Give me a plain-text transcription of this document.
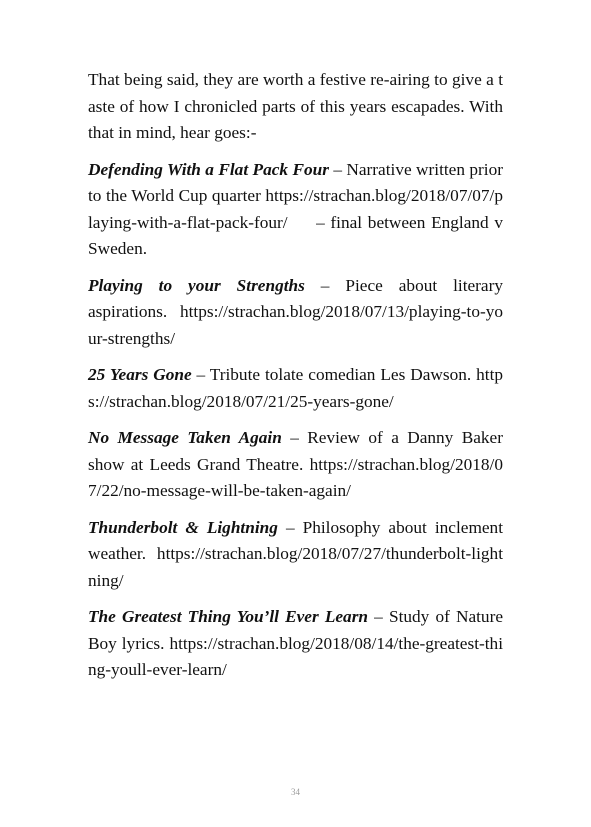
That being said, they are worth a festive re-airing to give a taste of how I chronicled parts of this years escapades. With that in mind, hear goes:-

Defending With a Flat Pack Four – Narrative written prior to the World Cup quarter https://strachan.blog/2018/07/07/playing-with-a-flat-pack-four/     – final between England v Sweden.

Playing to your Strengths – Piece about literary aspirations. https://strachan.blog/2018/07/13/playing-to-your-strengths/

25 Years Gone – Tribute tolate comedian Les Dawson. https://strachan.blog/2018/07/21/25-years-gone/

No Message Taken Again – Review of a Danny Baker show at Leeds Grand Theatre. https://strachan.blog/2018/07/22/no-message-will-be-taken-again/

Thunderbolt & Lightning – Philosophy about inclement weather. https://strachan.blog/2018/07/27/thunderbolt-lightning/

The Greatest Thing You’ll Ever Learn – Study of Nature Boy lyrics. https://strachan.blog/2018/08/14/the-greatest-thing-youll-ever-learn/

34
